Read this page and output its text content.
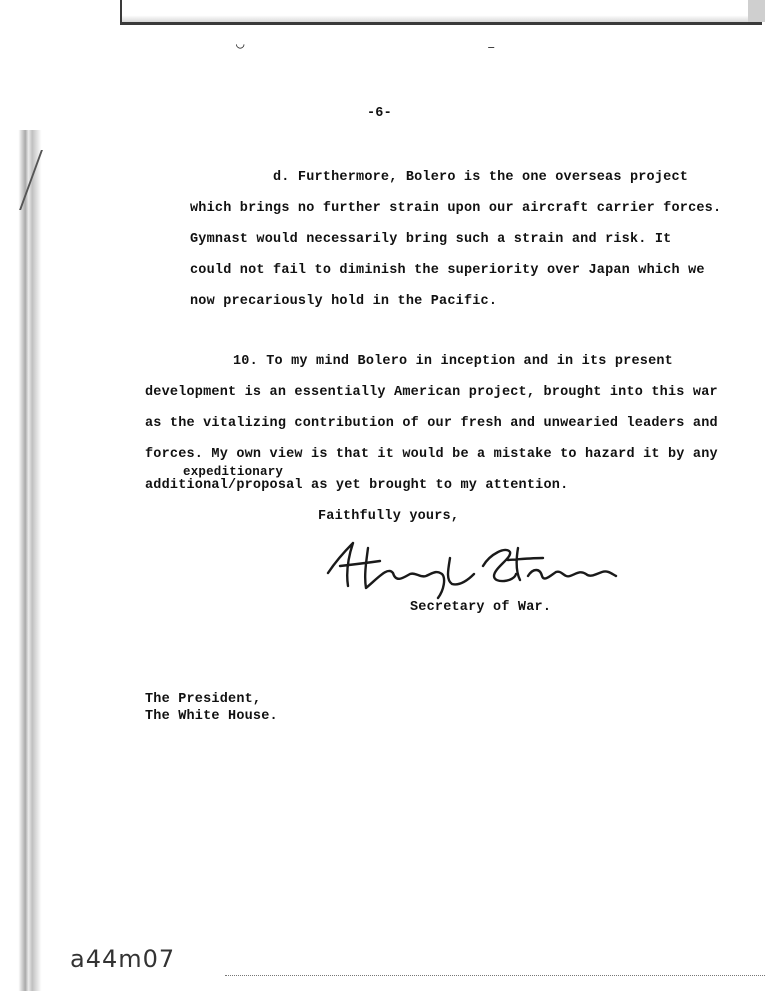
◡	–
-6-
d. Furthermore, Bolero is the one overseas project
which brings no further strain upon our aircraft carrier forces.
Gymnast would necessarily bring such a strain and risk. It
could not fail to diminish the superiority over Japan which we
now precariously hold in the Pacific.
10. To my mind Bolero in inception and in its present
development is an essentially American project, brought into this war
as the vitalizing contribution of our fresh and unwearied leaders and
forces. My own view is that it would be a mistake to hazard it by any
expeditionary
additional/proposal as yet brought to my attention.
Faithfully yours,
Secretary of War.
The President,
The White House.
a44m07
